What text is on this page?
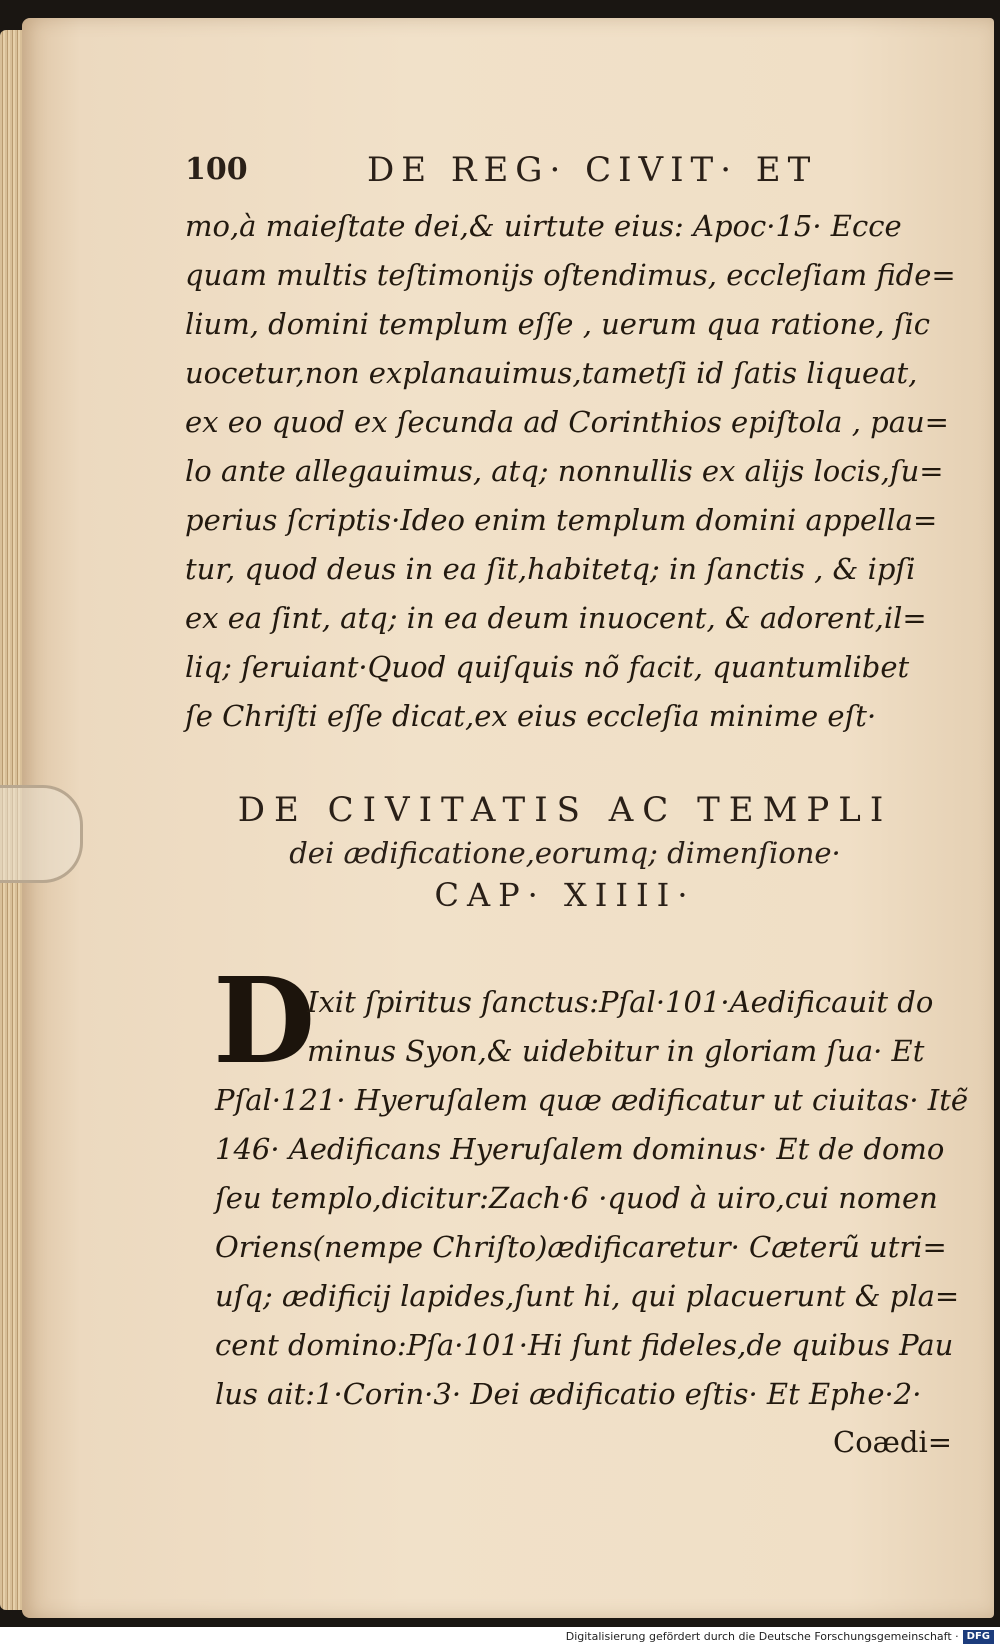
100	DE REG· CIVIT· ET
mo,à maieſtate dei,& uirtute eius: Apoc·15· Ecce
quam multis teſtimonijs oſtendimus, eccleſiam fide=
lium, domini templum eſſe , uerum qua ratione, ſic
uocetur,non explanauimus,tametſi id ſatis liqueat,
ex eo quod ex ſecunda ad Corinthios epiſtola , pau=
lo ante allegauimus, atq; nonnullis ex alijs locis,ſu=
perius ſcriptis·Ideo enim templum domini appella=
tur, quod deus in ea ſit,habitetq; in ſanctis , & ipſi
ex ea ſint, atq; in ea deum inuocent, & adorent,il=
liq; ſeruiant·Quod quiſquis nõ facit, quantumlibet
ſe Chriſti eſſe dicat,ex eius eccleſia minime eſt·
DE CIVITATIS AC TEMPLI
dei ædificatione,eorumq; dimenſione·
CAP· XIIII·
D
Ixit ſpiritus ſanctus:Pſal·101·Aedificauit do
minus Syon,& uidebitur in gloriam ſua· Et
Pſal·121· Hyeruſalem quæ ædificatur ut ciuitas· Itẽ
146· Aedificans Hyeruſalem dominus· Et de domo
ſeu templo,dicitur:Zach·6 ·quod à uiro,cui nomen
Oriens(nempe Chriſto)ædificaretur· Cæterũ utri=
uſq; ædificij lapides,ſunt hi, qui placuerunt & pla=
cent domino:Pſa·101·Hi ſunt fideles,de quibus Pau
lus ait:1·Corin·3· Dei ædificatio eſtis· Et Ephe·2·
Coædi=
Digitalisierung gefördert durch die Deutsche Forschungsgemeinschaft · DFG
